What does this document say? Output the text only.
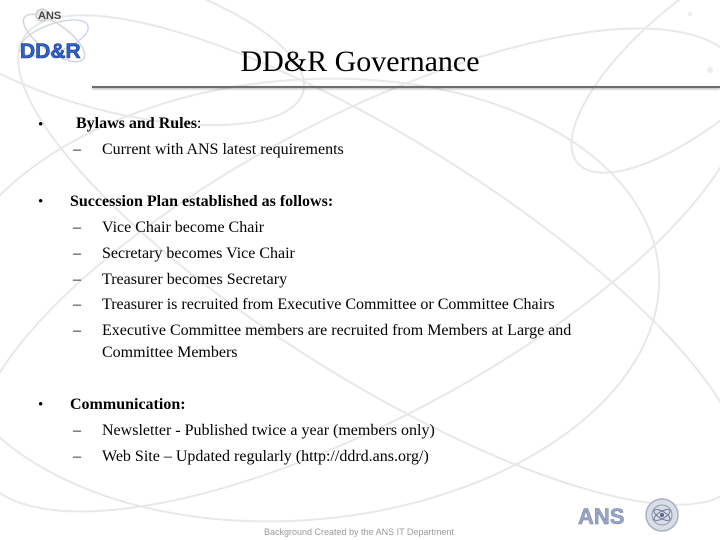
ANS
DD&R	DD&R Governance
• Bylaws and Rules:
– Current with ANS latest requirements
• Succession Plan established as follows:
– Vice Chair become Chair
– Secretary becomes Vice Chair
– Treasurer becomes Secretary
– Treasurer is recruited from Executive Committee or Committee Chairs
– Executive Committee members are recruited from Members at Large and
Committee Members
• Communication:
– Newsletter - Published twice a year (members only)
– Web Site – Updated regularly (http://ddrd.ans.org/)
Background Created by the ANS IT Department
ANS
